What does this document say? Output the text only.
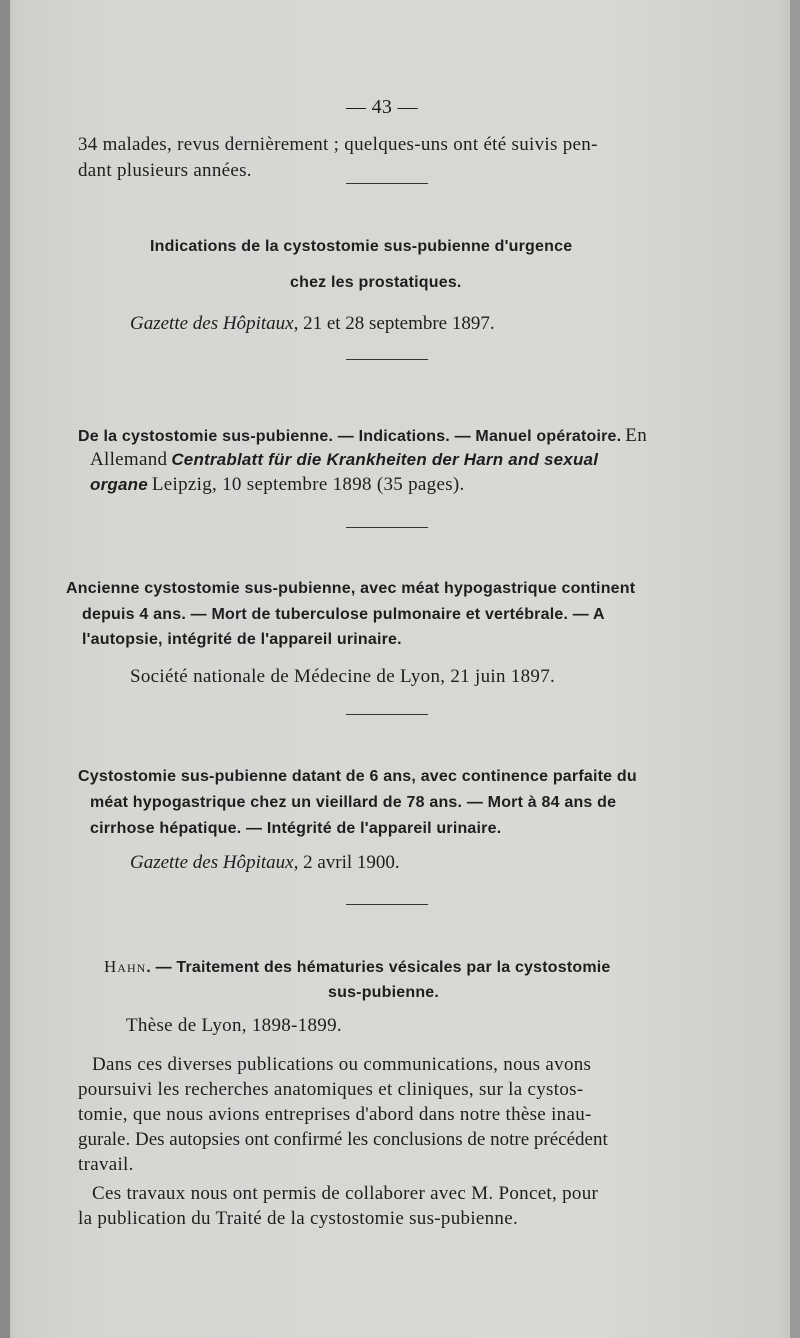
— 43 —
34 malades, revus dernièrement ; quelques-uns ont été suivis pen-
dant plusieurs années.
Indications de la cystostomie sus-pubienne d'urgence
chez les prostatiques.
Gazette des Hôpitaux, 21 et 28 septembre 1897.
De la cystostomie sus-pubienne. — Indications. — Manuel opératoire. En
Allemand Centrablatt für die Krankheiten der Harn and sexual
organe Leipzig, 10 septembre 1898 (35 pages).
Ancienne cystostomie sus-pubienne, avec méat hypogastrique continent
depuis 4 ans. — Mort de tuberculose pulmonaire et vertébrale. — A
l'autopsie, intégrité de l'appareil urinaire.
Société nationale de Médecine de Lyon, 21 juin 1897.
Cystostomie sus-pubienne datant de 6 ans, avec continence parfaite du
méat hypogastrique chez un vieillard de 78 ans. — Mort à 84 ans de
cirrhose hépatique. — Intégrité de l'appareil urinaire.
Gazette des Hôpitaux, 2 avril 1900.
Hahn. — Traitement des hématuries vésicales par la cystostomie
sus-pubienne.
Thèse de Lyon, 1898-1899.
Dans ces diverses publications ou communications, nous avons
poursuivi les recherches anatomiques et cliniques, sur la cystos-
tomie, que nous avions entreprises d'abord dans notre thèse inau-
gurale. Des autopsies ont confirmé les conclusions de notre précédent
travail.
Ces travaux nous ont permis de collaborer avec M. Poncet, pour
la publication du Traité de la cystostomie sus-pubienne.
